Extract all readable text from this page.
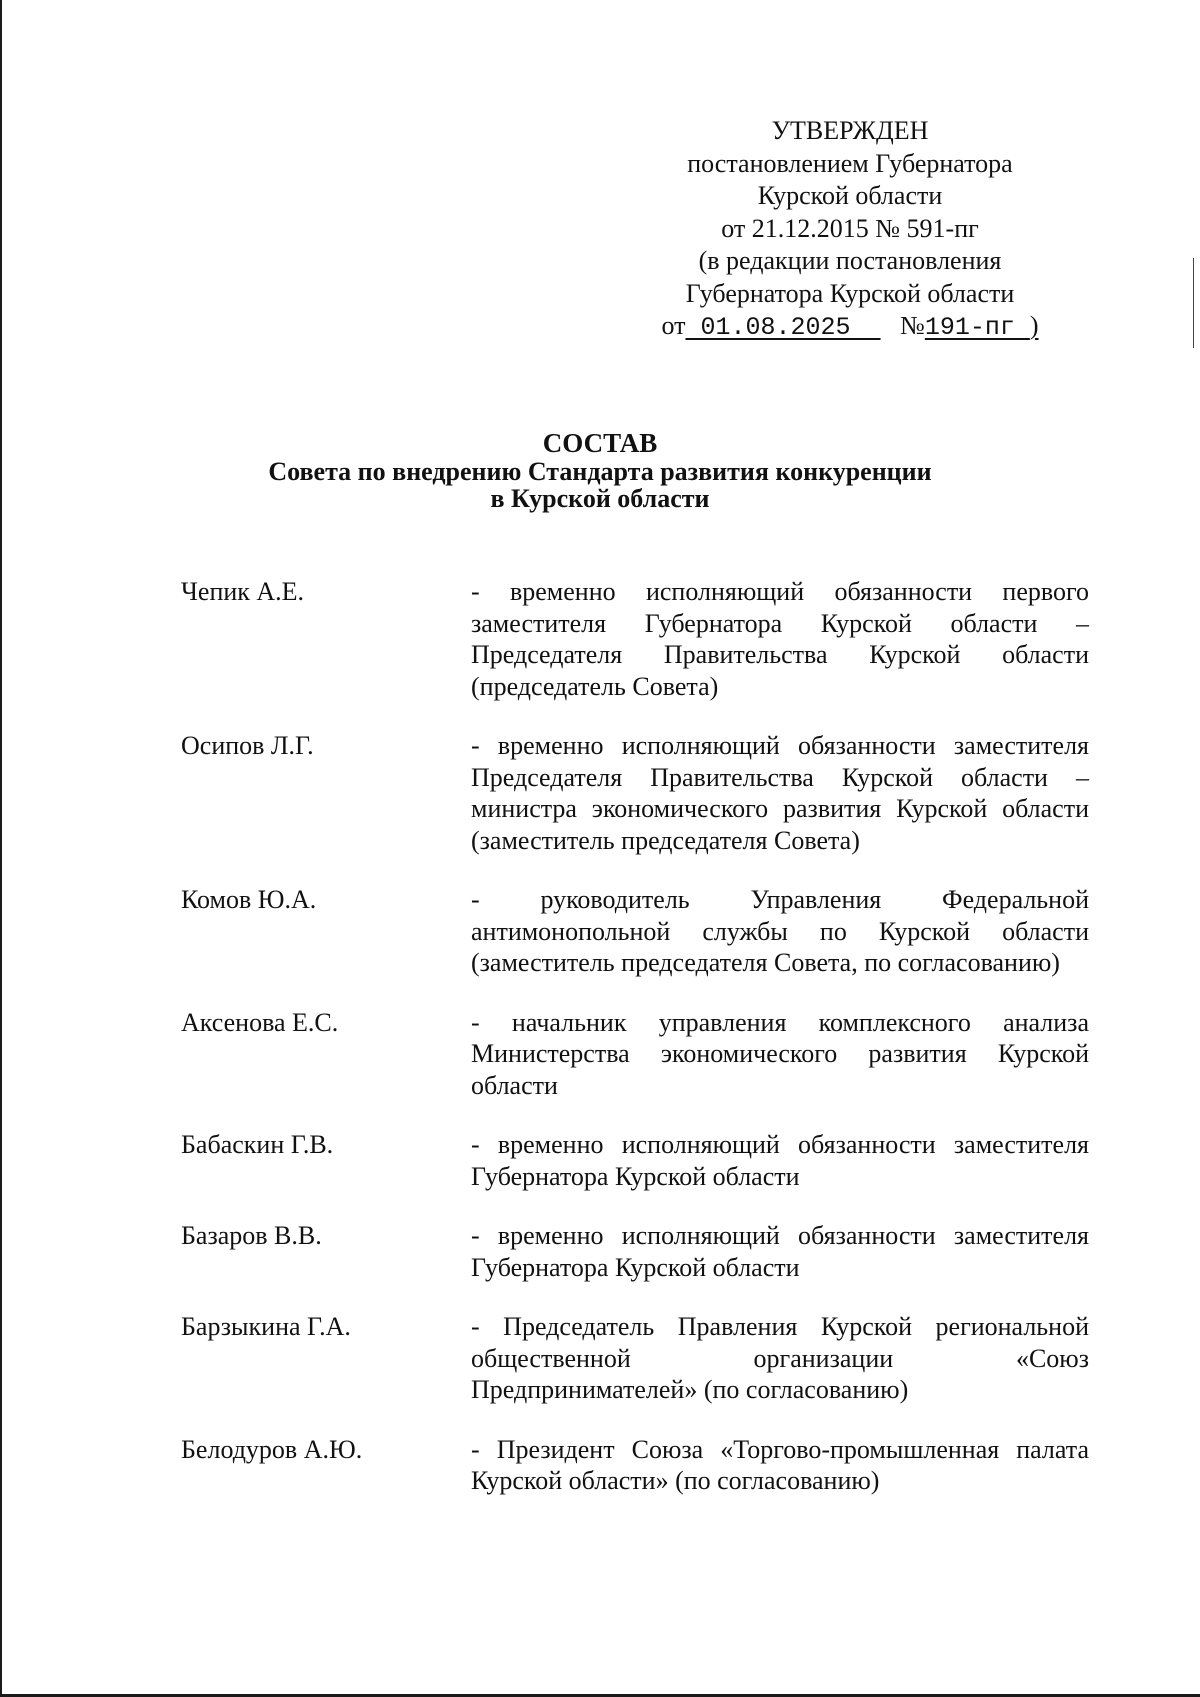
УТВЕРЖДЕН
постановлением Губернатора
Курской области
от 21.12.2015 № 591-пг
(в редакции постановления
Губернатора Курской области
от 01.08.2025     №191-пг )
СОСТАВ
Совета по внедрению Стандарта развития конкуренции
в Курской области
Чепик А.Е.	- временно исполняющий обязанности первого заместителя Губернатора Курской области – Председателя Правительства Курской области (председатель Совета)
Осипов Л.Г.	- временно исполняющий обязанности заместителя Председателя Правительства Курской области – министра экономического развития Курской области (заместитель председателя Совета)
Комов Ю.А.	- руководитель Управления Федеральной антимонопольной службы по Курской области (заместитель председателя Совета, по согласованию)
Аксенова Е.С.	- начальник управления комплексного анализа Министерства экономического развития Курской области
Бабаскин Г.В.	- временно исполняющий обязанности заместителя Губернатора Курской области
Базаров В.В.	- временно исполняющий обязанности заместителя Губернатора Курской области
Барзыкина Г.А.	- Председатель Правления Курской региональной общественной организации «Союз Предпринимателей» (по согласованию)
Белодуров А.Ю.	- Президент Союза «Торгово-промышленная палата Курской области» (по согласованию)
